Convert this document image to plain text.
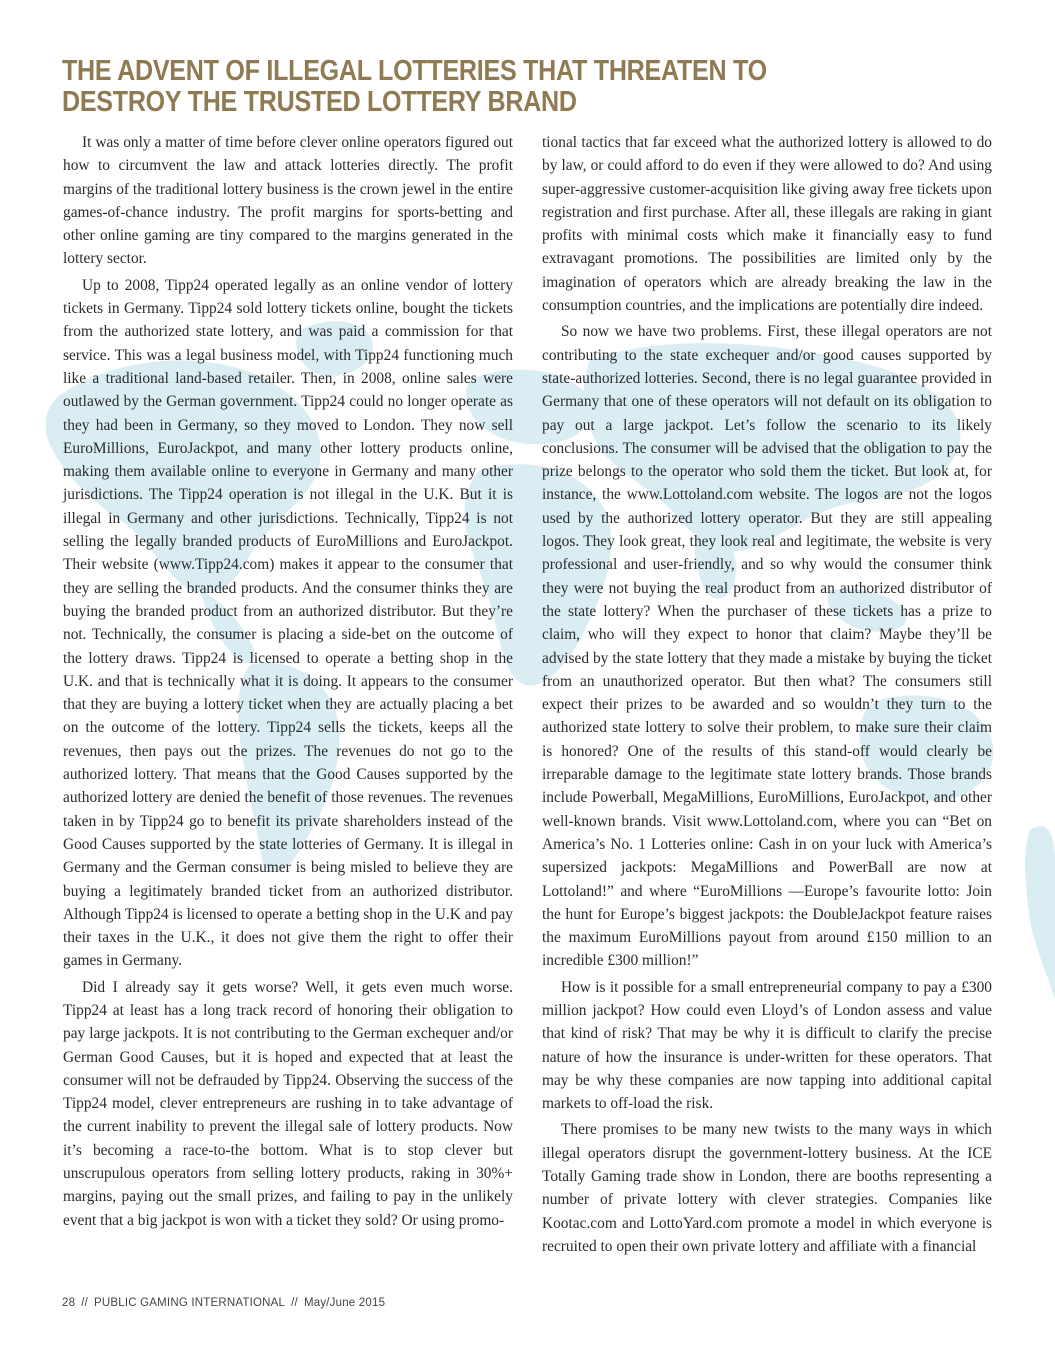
THE ADVENT OF ILLEGAL LOTTERIES THAT THREATEN TO DESTROY THE TRUSTED LOTTERY BRAND

It was only a matter of time before clever online operators figured out how to circumvent the law and attack lotteries directly. The profit margins of the traditional lottery business is the crown jewel in the entire games-of-chance industry. The profit margins for sports-betting and other online gaming are tiny compared to the margins generated in the lottery sector.

Up to 2008, Tipp24 operated legally as an online vendor of lottery tickets in Germany. Tipp24 sold lottery tickets online, bought the tickets from the authorized state lottery, and was paid a commission for that service. This was a legal business model, with Tipp24 functioning much like a traditional land-based retailer. Then, in 2008, online sales were outlawed by the German government. Tipp24 could no longer operate as they had been in Germany, so they moved to London. They now sell EuroMillions, EuroJackpot, and many other lottery products online, making them available online to everyone in Germany and many other jurisdictions. The Tipp24 operation is not illegal in the U.K. But it is illegal in Germany and other jurisdictions. Technically, Tipp24 is not selling the legally branded products of EuroMillions and EuroJackpot. Their website (www.Tipp24.com) makes it appear to the consumer that they are selling the branded products. And the consumer thinks they are buying the branded product from an authorized distributor. But they’re not. Technically, the consumer is placing a side-bet on the outcome of the lottery draws. Tipp24 is licensed to operate a betting shop in the U.K. and that is technically what it is doing. It appears to the consumer that they are buying a lottery ticket when they are actually placing a bet on the outcome of the lottery. Tipp24 sells the tickets, keeps all the revenues, then pays out the prizes. The revenues do not go to the authorized lottery. That means that the Good Causes supported by the authorized lottery are denied the benefit of those revenues. The revenues taken in by Tipp24 go to benefit its private shareholders instead of the Good Causes supported by the state lotteries of Germany. It is illegal in Germany and the German consumer is being misled to believe they are buying a legitimately branded ticket from an authorized distributor. Although Tipp24 is licensed to operate a betting shop in the U.K and pay their taxes in the U.K., it does not give them the right to offer their games in Germany.

Did I already say it gets worse? Well, it gets even much worse. Tipp24 at least has a long track record of honoring their obligation to pay large jackpots. It is not contributing to the German exchequer and/or German Good Causes, but it is hoped and expected that at least the consumer will not be defrauded by Tipp24. Observing the success of the Tipp24 model, clever entrepreneurs are rushing in to take advantage of the current inability to prevent the illegal sale of lottery products. Now it’s becoming a race-to-the bottom. What is to stop clever but unscrupulous operators from selling lottery products, raking in 30%+ margins, paying out the small prizes, and failing to pay in the unlikely event that a big jackpot is won with a ticket they sold? Or using promo-

tional tactics that far exceed what the authorized lottery is allowed to do by law, or could afford to do even if they were allowed to do? And using super-aggressive customer-acquisition like giving away free tickets upon registration and first purchase. After all, these illegals are raking in giant profits with minimal costs which make it financially easy to fund extravagant promotions. The possibilities are limited only by the imagination of operators which are already breaking the law in the consumption countries, and the implications are potentially dire indeed.

So now we have two problems. First, these illegal operators are not contributing to the state exchequer and/or good causes supported by state-authorized lotteries. Second, there is no legal guarantee provided in Germany that one of these operators will not default on its obligation to pay out a large jackpot. Let’s follow the scenario to its likely conclusions. The consumer will be advised that the obligation to pay the prize belongs to the operator who sold them the ticket. But look at, for instance, the www.Lottoland.com website. The logos are not the logos used by the authorized lottery operator. But they are still appealing logos. They look great, they look real and legitimate, the website is very professional and user-friendly, and so why would the consumer think they were not buying the real product from an authorized distributor of the state lottery? When the purchaser of these tickets has a prize to claim, who will they expect to honor that claim? Maybe they’ll be advised by the state lottery that they made a mistake by buying the ticket from an unauthorized operator. But then what? The consumers still expect their prizes to be awarded and so wouldn’t they turn to the authorized state lottery to solve their problem, to make sure their claim is honored? One of the results of this stand-off would clearly be irreparable damage to the legitimate state lottery brands. Those brands include Powerball, MegaMillions, EuroMillions, EuroJackpot, and other well-known brands. Visit www.Lottoland.com, where you can “Bet on America’s No. 1 Lotteries online: Cash in on your luck with America’s supersized jackpots: MegaMillions and PowerBall are now at Lottoland!” and where “EuroMillions —Europe’s favourite lotto: Join the hunt for Europe’s biggest jackpots: the DoubleJackpot feature raises the maximum EuroMillions payout from around £150 million to an incredible £300 million!”

How is it possible for a small entrepreneurial company to pay a £300 million jackpot? How could even Lloyd’s of London assess and value that kind of risk? That may be why it is difficult to clarify the precise nature of how the insurance is under-written for these operators. That may be why these companies are now tapping into additional capital markets to off-load the risk.

There promises to be many new twists to the many ways in which illegal operators disrupt the government-lottery business. At the ICE Totally Gaming trade show in London, there are booths representing a number of private lottery with clever strategies. Companies like Kootac.com and LottoYard.com promote a model in which everyone is recruited to open their own private lottery and affiliate with a financial

28 // PUBLIC GAMING INTERNATIONAL // May/June 2015
